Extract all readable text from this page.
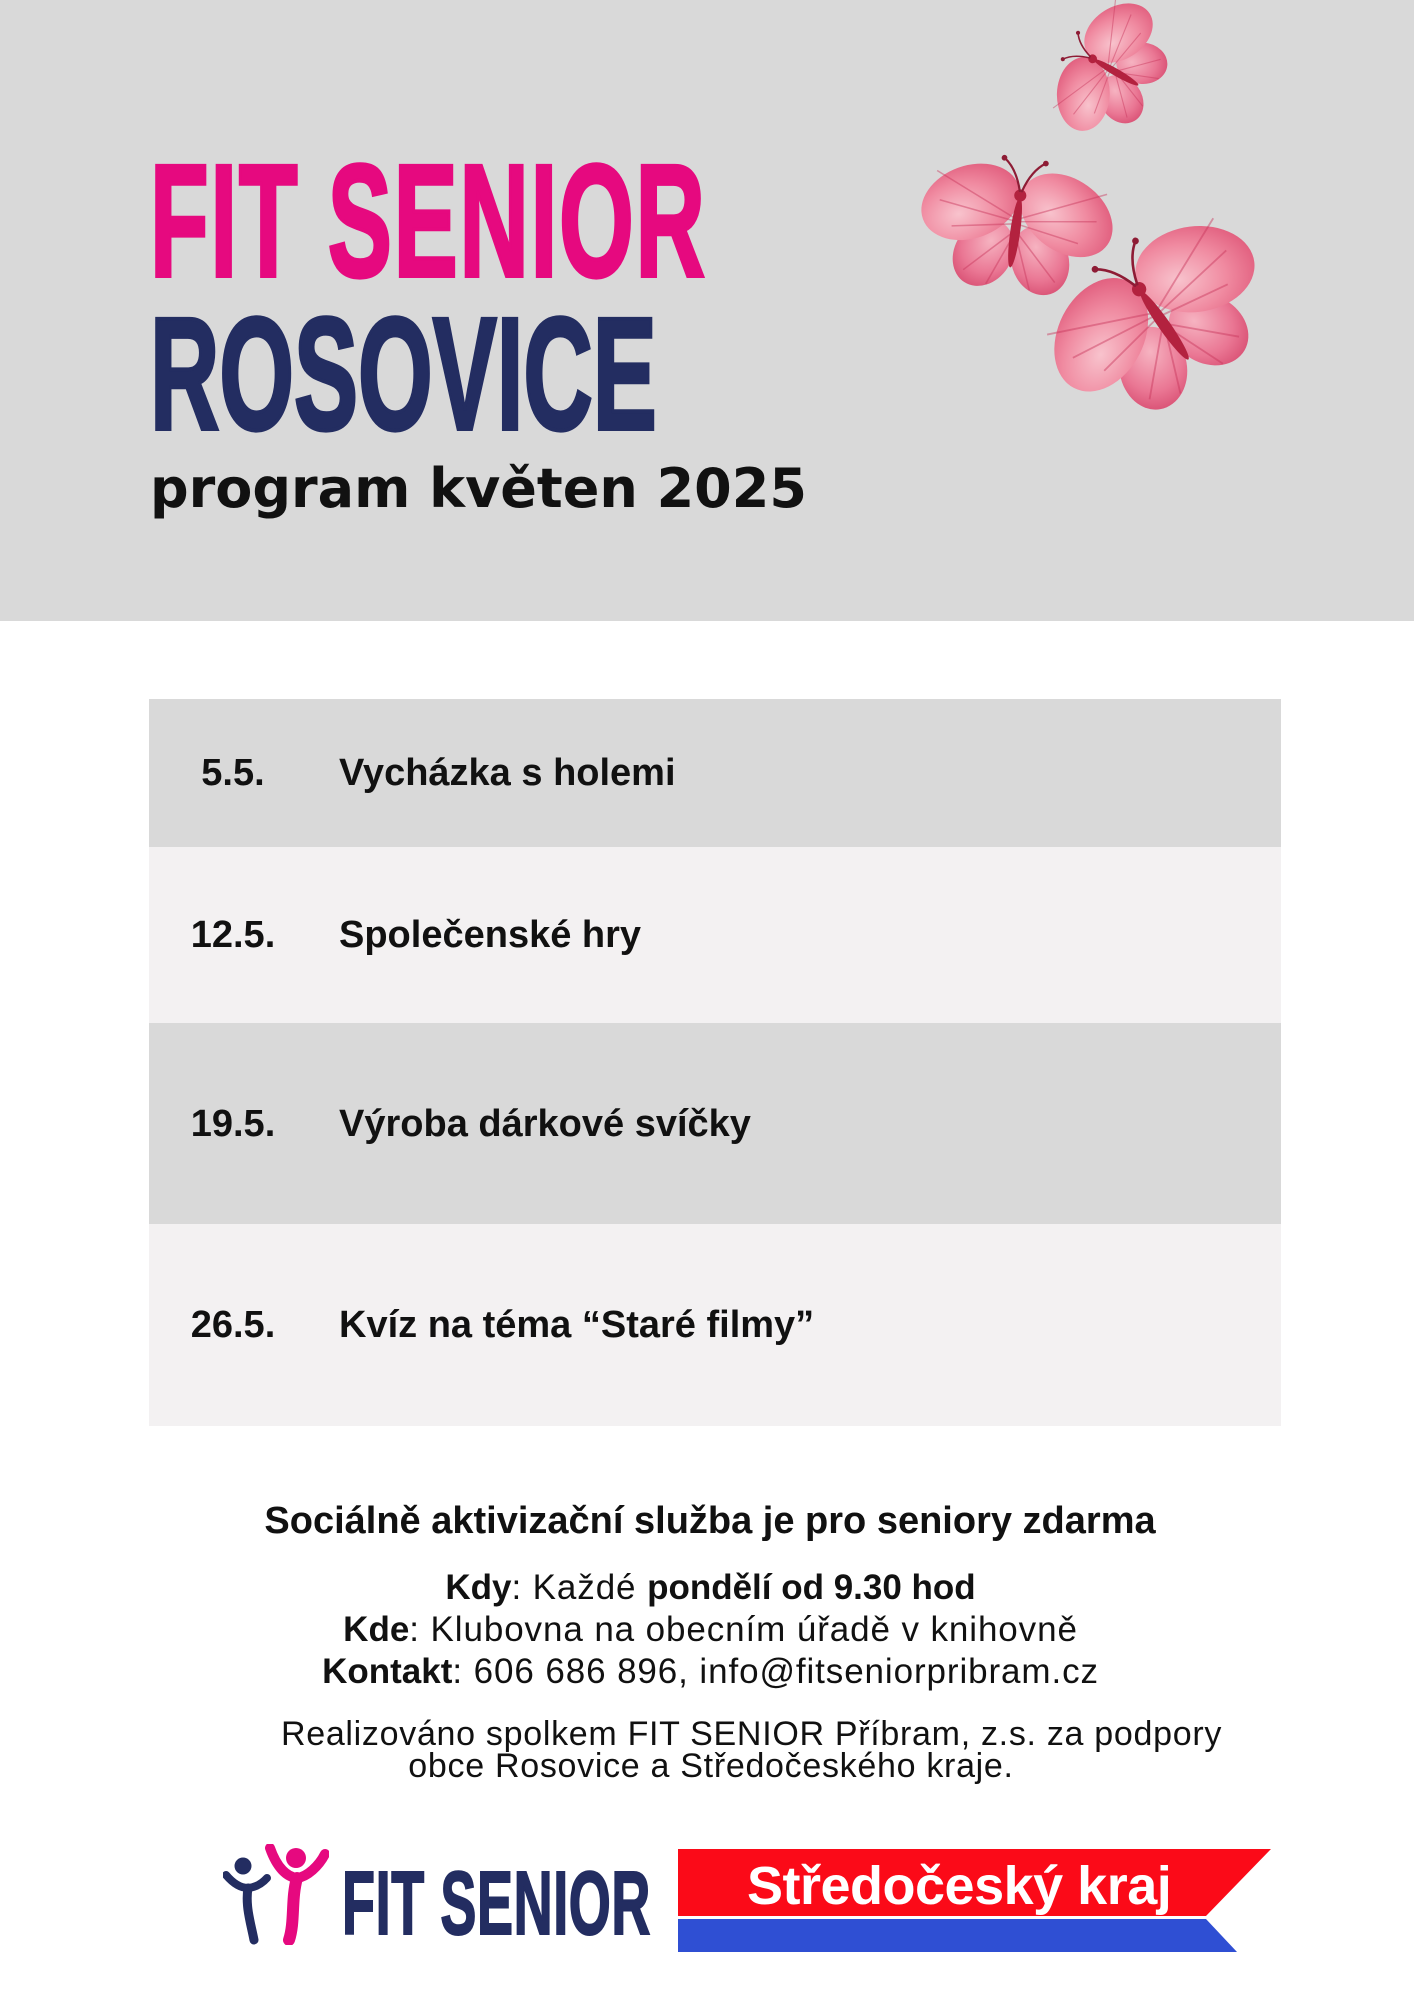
FIT SENIOR
ROSOVICE
program květen 2025
5.5.	Vycházka s holemi
12.5.	Společenské hry
19.5.	Výroba dárkové svíčky
26.5.	Kvíz na téma “Staré filmy”
Sociálně aktivizační služba je pro seniory zdarma
Kdy: Každé pondělí od 9.30 hod
Kde: Klubovna na obecním úřadě v knihovně
Kontakt: 606 686 896, info@fitseniorpribram.cz
Realizováno spolkem FIT SENIOR Příbram, z.s. za podpory
obce Rosovice a Středočeského kraje.
FIT SENIOR Středočeský kraj
